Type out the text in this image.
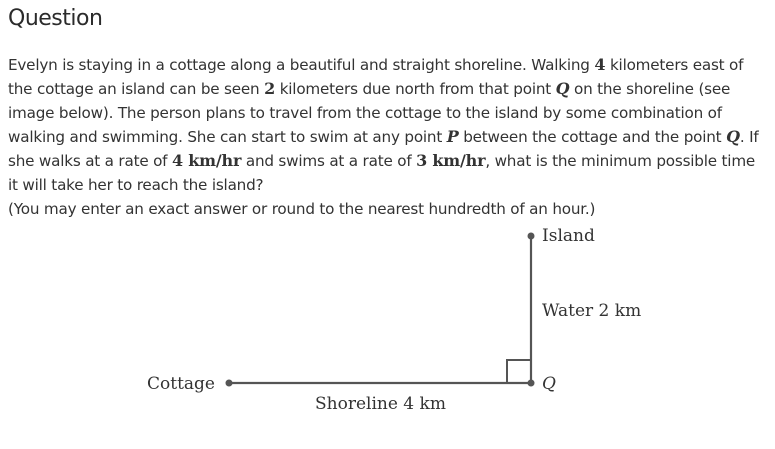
Question
Evelyn is staying in a cottage along a beautiful and straight shoreline. Walking 4 kilometers east of the cottage an island can be seen 2 kilometers due north from that point Q on the shoreline (see image below). The person plans to travel from the cottage to the island by some combination of walking and swimming. She can start to swim at any point P between the cottage and the point Q. If she walks at a rate of 4 km/hr and swims at a rate of 3 km/hr, what is the minimum possible time it will take her to reach the island?
(You may enter an exact answer or round to the nearest hundredth of an hour.)
Island
Water 2 km
Cottage	Q
Shoreline 4 km
